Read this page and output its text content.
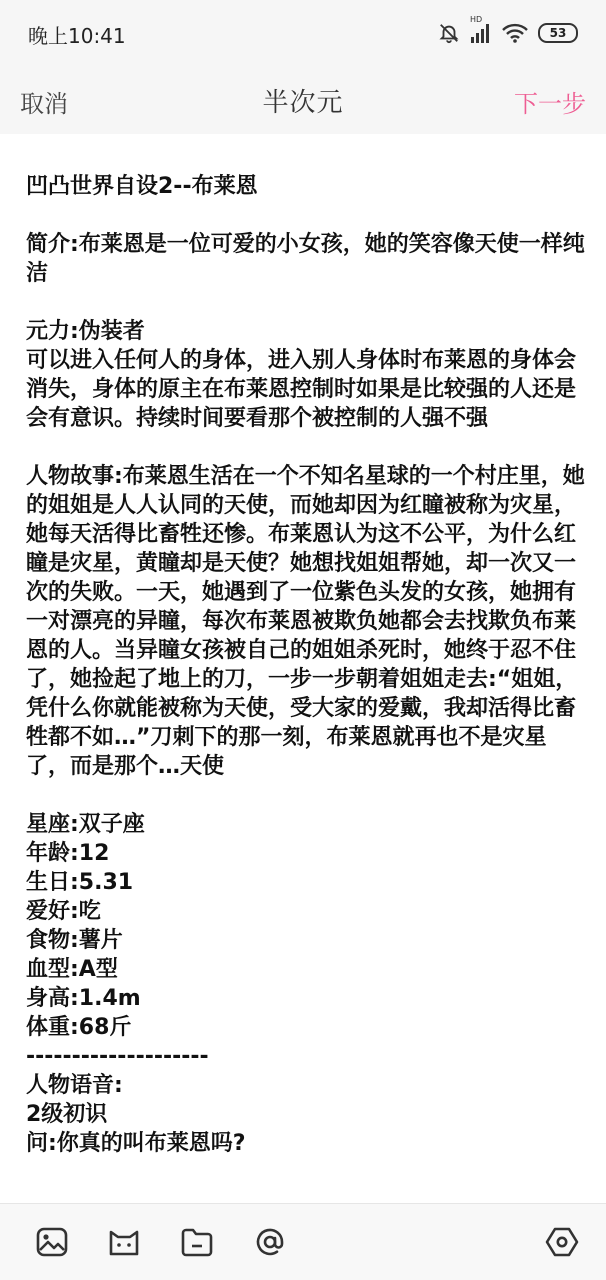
晚上10:41
HD
53
取消	半次元	下一步

凹凸世界自设2--布莱恩

简介:布莱恩是一位可爱的小女孩，她的笑容像天使一样纯洁

元力:伪装者

可以进入任何人的身体，进入别人身体时布莱恩的身体会消失，身体的原主在布莱恩控制时如果是比较强的人还是会有意识。持续时间要看那个被控制的人强不强

人物故事:布莱恩生活在一个不知名星球的一个村庄里，她的姐姐是人人认同的天使，而她却因为红瞳被称为灾星，她每天活得比畜牲还惨。布莱恩认为这不公平，为什么红瞳是灾星，黄瞳却是天使？她想找姐姐帮她，却一次又一次的失败。一天，她遇到了一位紫色头发的女孩，她拥有一对漂亮的异瞳，每次布莱恩被欺负她都会去找欺负布莱恩的人。当异瞳女孩被自己的姐姐杀死时，她终于忍不住了，她捡起了地上的刀，一步一步朝着姐姐走去:“姐姐，凭什么你就能被称为天使，受大家的爱戴，我却活得比畜牲都不如…”刀刺下的那一刻，布莱恩就再也不是灾星了，而是那个…天使

星座:双子座

年龄:12

生日:5.31

爱好:吃

食物:薯片

血型:A型

身高:1.4m

体重:68斤

--------------------

人物语音:

2级初识

问:你真的叫布莱恩吗?
